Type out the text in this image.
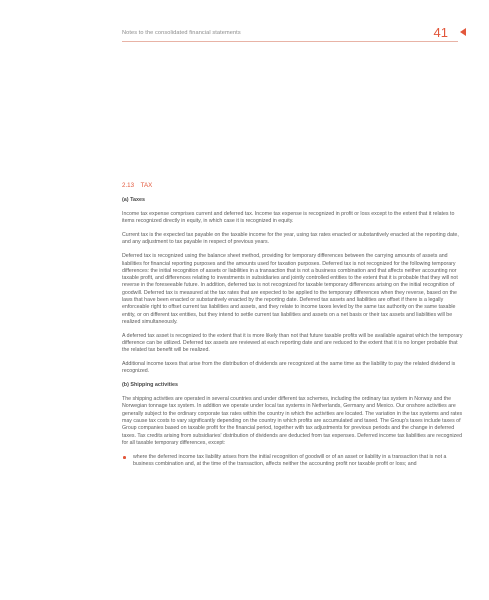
Notes to the consolidated financial statements	41
2.13 TAX
(a) Taxes

Income tax expense comprises current and deferred tax. Income tax expense is recognized in profit or loss except to the extent that it relates to items recognized directly in equity, in which case it is recognized in equity.

Current tax is the expected tax payable on the taxable income for the year, using tax rates enacted or substantively enacted at the reporting date, and any adjustment to tax payable in respect of previous years.

Deferred tax is recognized using the balance sheet method, providing for temporary differences between the carrying amounts of assets and liabilities for financial reporting purposes and the amounts used for taxation purposes. Deferred tax is not recognized for the following temporary differences: the initial recognition of assets or liabilities in a transaction that is not a business combination and that affects neither accounting nor taxable profit, and differences relating to investments in subsidiaries and jointly controlled entities to the extent that it is probable that they will not reverse in the foreseeable future. In addition, deferred tax is not recognized for taxable temporary differences arising on the initial recognition of goodwill. Deferred tax is measured at the tax rates that are expected to be applied to the temporary differences when they reverse, based on the laws that have been enacted or substantively enacted by the reporting date. Deferred tax assets and liabilities are offset if there is a legally enforceable right to offset current tax liabilities and assets, and they relate to income taxes levied by the same tax authority on the same taxable entity, or on different tax entities, but they intend to settle current tax liabilities and assets on a net basis or their tax assets and liabilities will be realized simultaneously.

A deferred tax asset is recognized to the extent that it is more likely than not that future taxable profits will be available against which the temporary difference can be utilized. Deferred tax assets are reviewed at each reporting date and are reduced to the extent that it is no longer probable that the related tax benefit will be realized.

Additional income taxes that arise from the distribution of dividends are recognized at the same time as the liability to pay the related dividend is recognized.

(b) Shipping activities

The shipping activities are operated in several countries and under different tax schemes, including the ordinary tax system in Norway and the Norwegian tonnage tax system. In addition we operate under local tax systems in Netherlands, Germany and Mexico. Our onshore activities are generally subject to the ordinary corporate tax rates within the country in which the activities are located. The variation in the tax systems and rates may cause tax costs to vary significantly depending on the country in which profits are accumulated and taxed. The Group's taxes include taxes of Group companies based on taxable profit for the financial period, together with tax adjustments for previous periods and the change in deferred taxes. Tax credits arising from subsidiaries' distribution of dividends are deducted from tax expenses. Deferred income tax liabilities are recognized for all taxable temporary differences, except:

where the deferred income tax liability arises from the initial recognition of goodwill or of an asset or liability in a transaction that is not a business combination and, at the time of the transaction, affects neither the accounting profit nor taxable profit or loss; and
